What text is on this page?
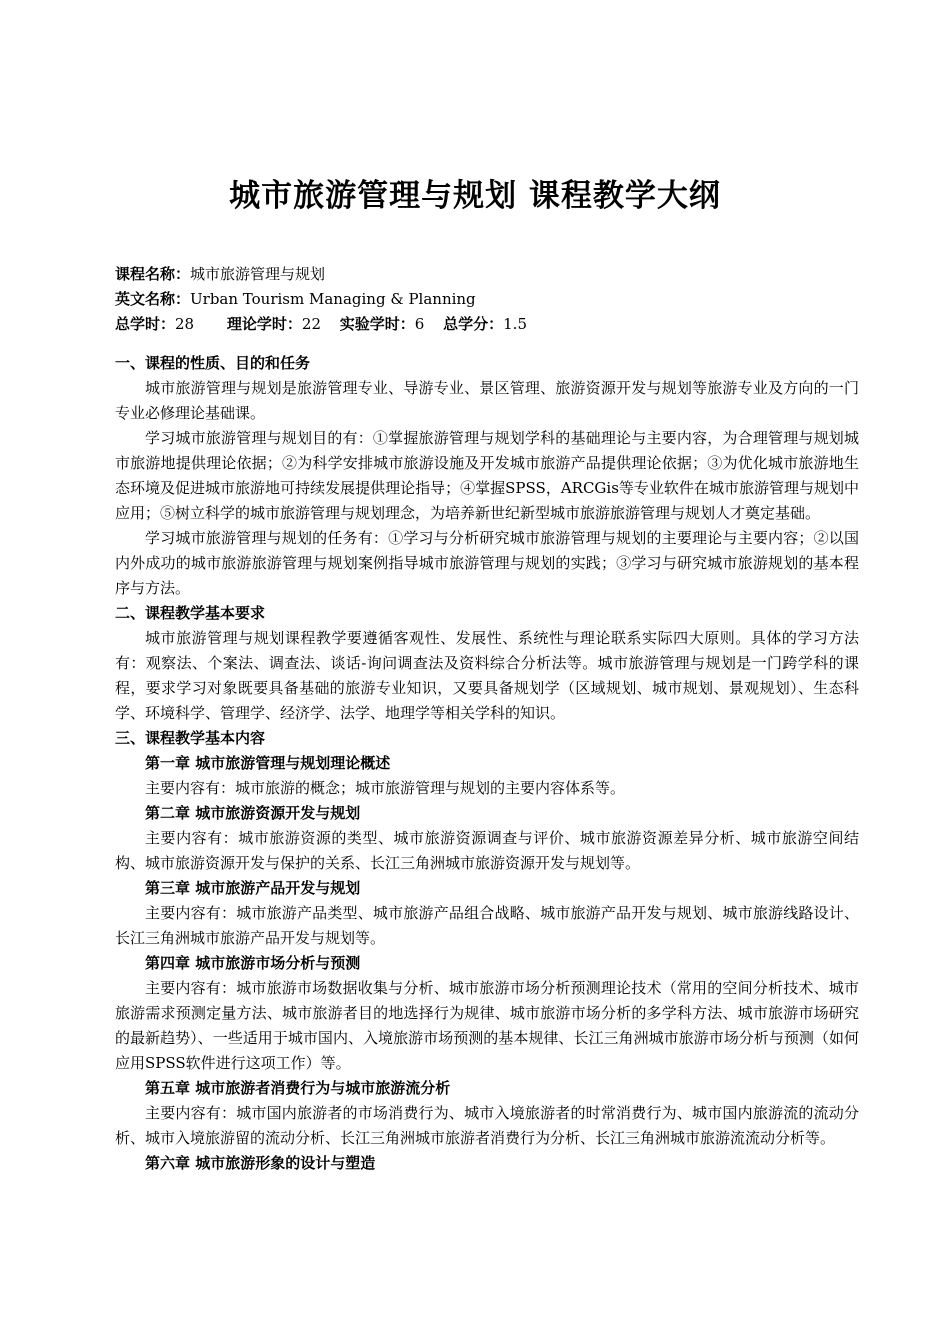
城市旅游管理与规划 课程教学大纲
课程名称：城市旅游管理与规划
英文名称：Urban Tourism Managing & Planning
总学时：28 理论学时：22 实验学时：6 总学分：1.5
一、课程的性质、目的和任务
城市旅游管理与规划是旅游管理专业、导游专业、景区管理、旅游资源开发与规划等旅游专业及方向的一门专业必修理论基础课。
学习城市旅游管理与规划目的有：①掌握旅游管理与规划学科的基础理论与主要内容，为合理管理与规划城市旅游地提供理论依据；②为科学安排城市旅游设施及开发城市旅游产品提供理论依据；③为优化城市旅游地生态环境及促进城市旅游地可持续发展提供理论指导；④掌握SPSS，ARCGis等专业软件在城市旅游管理与规划中应用；⑤树立科学的城市旅游管理与规划理念，为培养新世纪新型城市旅游旅游管理与规划人才奠定基础。
学习城市旅游管理与规划的任务有：①学习与分析研究城市旅游管理与规划的主要理论与主要内容；②以国内外成功的城市旅游旅游管理与规划案例指导城市旅游管理与规划的实践；③学习与研究城市旅游规划的基本程序与方法。
二、课程教学基本要求
城市旅游管理与规划课程教学要遵循客观性、发展性、系统性与理论联系实际四大原则。具体的学习方法有：观察法、个案法、调查法、谈话-询问调查法及资料综合分析法等。城市旅游管理与规划是一门跨学科的课程，要求学习对象既要具备基础的旅游专业知识，又要具备规划学（区域规划、城市规划、景观规划）、生态科学、环境科学、管理学、经济学、法学、地理学等相关学科的知识。
三、课程教学基本内容
第一章 城市旅游管理与规划理论概述
主要内容有：城市旅游的概念；城市旅游管理与规划的主要内容体系等。
第二章 城市旅游资源开发与规划
主要内容有：城市旅游资源的类型、城市旅游资源调查与评价、城市旅游资源差异分析、城市旅游空间结构、城市旅游资源开发与保护的关系、长江三角洲城市旅游资源开发与规划等。
第三章 城市旅游产品开发与规划
主要内容有：城市旅游产品类型、城市旅游产品组合战略、城市旅游产品开发与规划、城市旅游线路设计、长江三角洲城市旅游产品开发与规划等。
第四章 城市旅游市场分析与预测
主要内容有：城市旅游市场数据收集与分析、城市旅游市场分析预测理论技术（常用的空间分析技术、城市旅游需求预测定量方法、城市旅游者目的地选择行为规律、城市旅游市场分析的多学科方法、城市旅游市场研究的最新趋势）、一些适用于城市国内、入境旅游市场预测的基本规律、长江三角洲城市旅游市场分析与预测（如何应用SPSS软件进行这项工作）等。
第五章 城市旅游者消费行为与城市旅游流分析
主要内容有：城市国内旅游者的市场消费行为、城市入境旅游者的时常消费行为、城市国内旅游流的流动分析、城市入境旅游留的流动分析、长江三角洲城市旅游者消费行为分析、长江三角洲城市旅游流流动分析等。
第六章 城市旅游形象的设计与塑造
